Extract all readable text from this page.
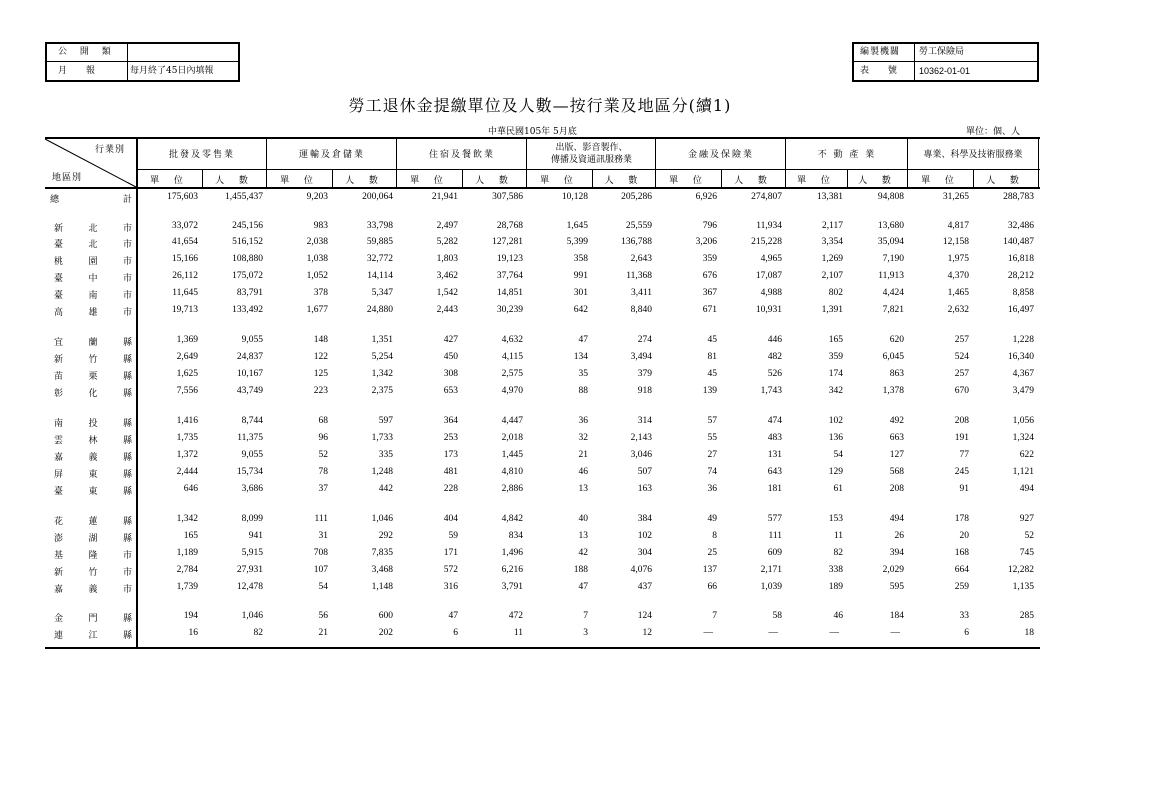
公 開 類
月 報	每月終了45日內填報
編製機關 勞工保險局
表 號 10362-01-01
勞工退休金提繳單位及人數—按行業及地區分(續1)
中華民國105年 5月底	單位：個、人
行業別
地區別
批發及零售業
單 位	人 數
運輸及倉儲業
單 位	人 數
住宿及餐飲業
單 位	人 數
出版、影音製作、
傳播及資通訊服務業
單 位	人 數
金融及保險業
單 位	人 數
不 動 產 業
單 位	人 數
專業、科學及技術服務業
單 位	人 數
總	計	175,603	1,455,437	9,203	200,064	21,941	307,586	10,128	205,286	6,926	274,807	13,381	94,808	31,265	288,783
新	北	市	33,072	245,156	983	33,798	2,497	28,768	1,645	25,559	796	11,934	2,117	13,680	4,817	32,486
臺	北	市	41,654	516,152	2,038	59,885	5,282	127,281	5,399	136,788	3,206	215,228	3,354	35,094	12,158	140,487
桃	園	市	15,166	108,880	1,038	32,772	1,803	19,123	358	2,643	359	4,965	1,269	7,190	1,975	16,818
臺	中	市	26,112	175,072	1,052	14,114	3,462	37,764	991	11,368	676	17,087	2,107	11,913	4,370	28,212
臺	南	市	11,645	83,791	378	5,347	1,542	14,851	301	3,411	367	4,988	802	4,424	1,465	8,858
高	雄	市	19,713	133,492	1,677	24,880	2,443	30,239	642	8,840	671	10,931	1,391	7,821	2,632	16,497
宜	蘭	縣	1,369	9,055	148	1,351	427	4,632	47	274	45	446	165	620	257	1,228
新	竹	縣	2,649	24,837	122	5,254	450	4,115	134	3,494	81	482	359	6,045	524	16,340
苗	栗	縣	1,625	10,167	125	1,342	308	2,575	35	379	45	526	174	863	257	4,367
彰	化	縣	7,556	43,749	223	2,375	653	4,970	88	918	139	1,743	342	1,378	670	3,479
南	投	縣	1,416	8,744	68	597	364	4,447	36	314	57	474	102	492	208	1,056
雲	林	縣	1,735	11,375	96	1,733	253	2,018	32	2,143	55	483	136	663	191	1,324
嘉	義	縣	1,372	9,055	52	335	173	1,445	21	3,046	27	131	54	127	77	622
屏	東	縣	2,444	15,734	78	1,248	481	4,810	46	507	74	643	129	568	245	1,121
臺	東	縣	646	3,686	37	442	228	2,886	13	163	36	181	61	208	91	494
花	蓮	縣	1,342	8,099	111	1,046	404	4,842	40	384	49	577	153	494	178	927
澎	湖	縣	165	941	31	292	59	834	13	102	8	111	11	26	20	52
基	隆	市	1,189	5,915	708	7,835	171	1,496	42	304	25	609	82	394	168	745
新	竹	市	2,784	27,931	107	3,468	572	6,216	188	4,076	137	2,171	338	2,029	664	12,282
嘉	義	市	1,739	12,478	54	1,148	316	3,791	47	437	66	1,039	189	595	259	1,135
金	門	縣	194	1,046	56	600	47	472	7	124	7	58	46	184	33	285
連	江	縣	16	82	21	202	6	11	3	12	—	—	—	—	6	18
